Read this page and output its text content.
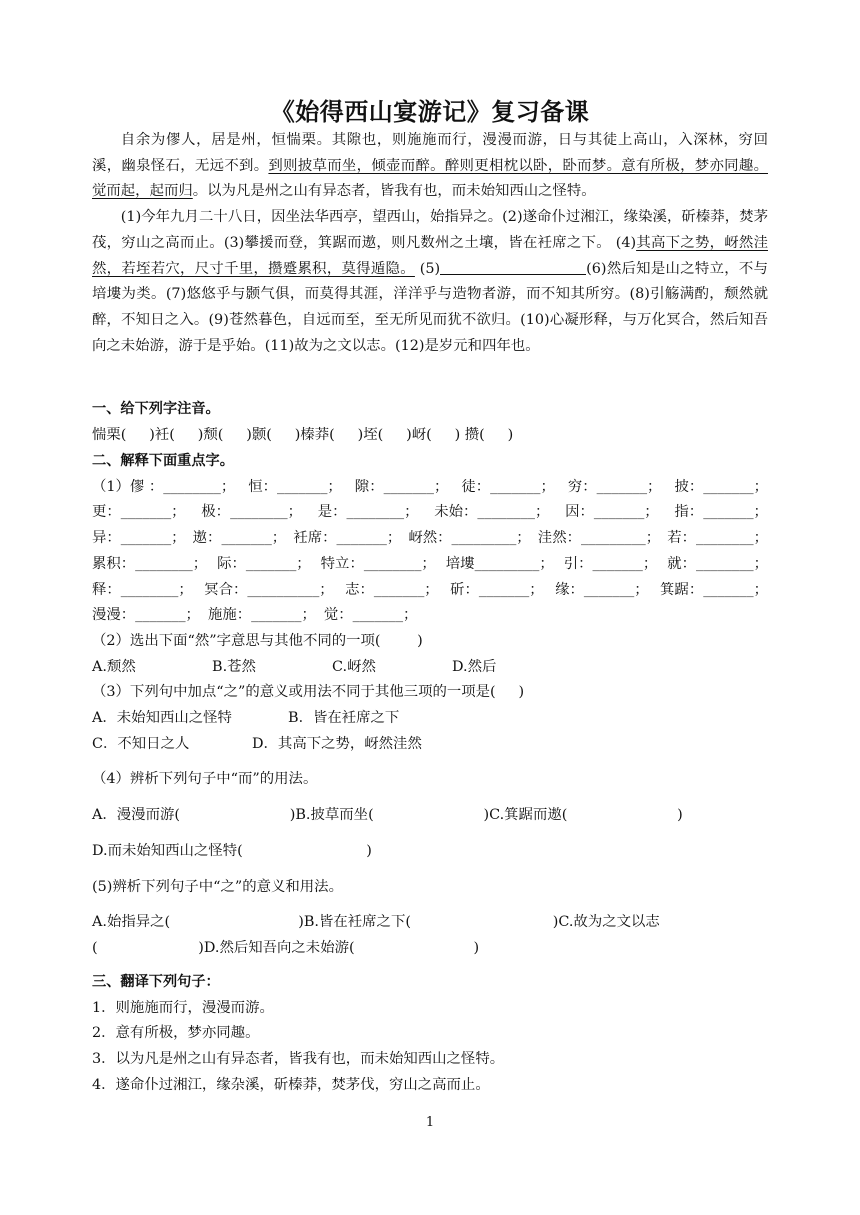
《始得西山宴游记》复习备课

自余为僇人，居是州，恒惴栗。其隙也，则施施而行，漫漫而游，日与其徒上高山，入深林，穷回溪，幽泉怪石，无远不到。到则披草而坐，倾壶而醉。醉则更相枕以卧，卧而梦。意有所极，梦亦同趣。觉而起，起而归。以为凡是州之山有异态者，皆我有也，而未始知西山之怪特。

(1)今年九月二十八日，因坐法华西亭，望西山，始指异之。(2)遂命仆过湘江，缘染溪，斫榛莽，焚茅茷，穷山之高而止。(3)攀援而登，箕踞而遨，则凡数州之土壤，皆在衽席之下。 (4)其高下之势，岈然洼然，若垤若穴，尺寸千里，攒蹙累积，莫得遁隐。 (5)	(6)然后知是山之特立，不与培塿为类。(7)悠悠乎与颢气俱，而莫得其涯，洋洋乎与造物者游，而不知其所穷。(8)引觞满酌，颓然就醉，不知日之入。(9)苍然暮色，自远而至，至无所见而犹不欲归。(10)心凝形释，与万化冥合，然后知吾向之未始游，游于是乎始。(11)故为之文以志。(12)是岁元和四年也。

一、给下列字注音。
惴栗(     )衽(     )颓(     )颢(     )榛莽(     )垤(     )岈(     ) 攒(     )
二、解释下面重点字。
（1）僇 ：________； 恒：_______； 隙：_______； 徒：_______； 穷：_______； 披：_______；
更：_______； 极：________； 是：________； 未始：________； 因：_______； 指：_______；
异：_______； 遨：_______； 衽席：_______； 岈然：_________； 洼然：_________； 若：________；
累积：________； 际：_______； 特立：________； 培塿_________； 引：_______； 就：________；
释：________； 冥合：__________； 志：_______； 斫：_______； 缘：_______； 箕踞：_______；
漫漫：_______； 施施：_______； 觉：_______；
（2）选出下面“然”字意思与其他不同的一项(        )
A.颓然	B.苍然	C.岈然	D.然后
（3）下列句中加点“之”的意义或用法不同于其他三项的一项是(     )
A．未始知西山之怪特	B．皆在衽席之下
C．不知日之人	D．其高下之势，岈然洼然
（4）辨析下列句子中“而”的用法。
A．漫漫而游(                        )B.披草而坐(                        )C.箕踞而遨(                        )
D.而未始知西山之怪特(                           )
(5)辨析下列句子中“之”的意义和用法。
A.始指异之(                            )B.皆在衽席之下(                               )C.故为之文以志
(                      )D.然后知吾向之未始游(                          )
三、翻译下列句子：
1．则施施而行，漫漫而游。
2．意有所极，梦亦同趣。
3．以为凡是州之山有异态者，皆我有也，而未始知西山之怪特。
4．遂命仆过湘江，缘杂溪，斫榛莽，焚茅伐，穷山之高而止。
1
